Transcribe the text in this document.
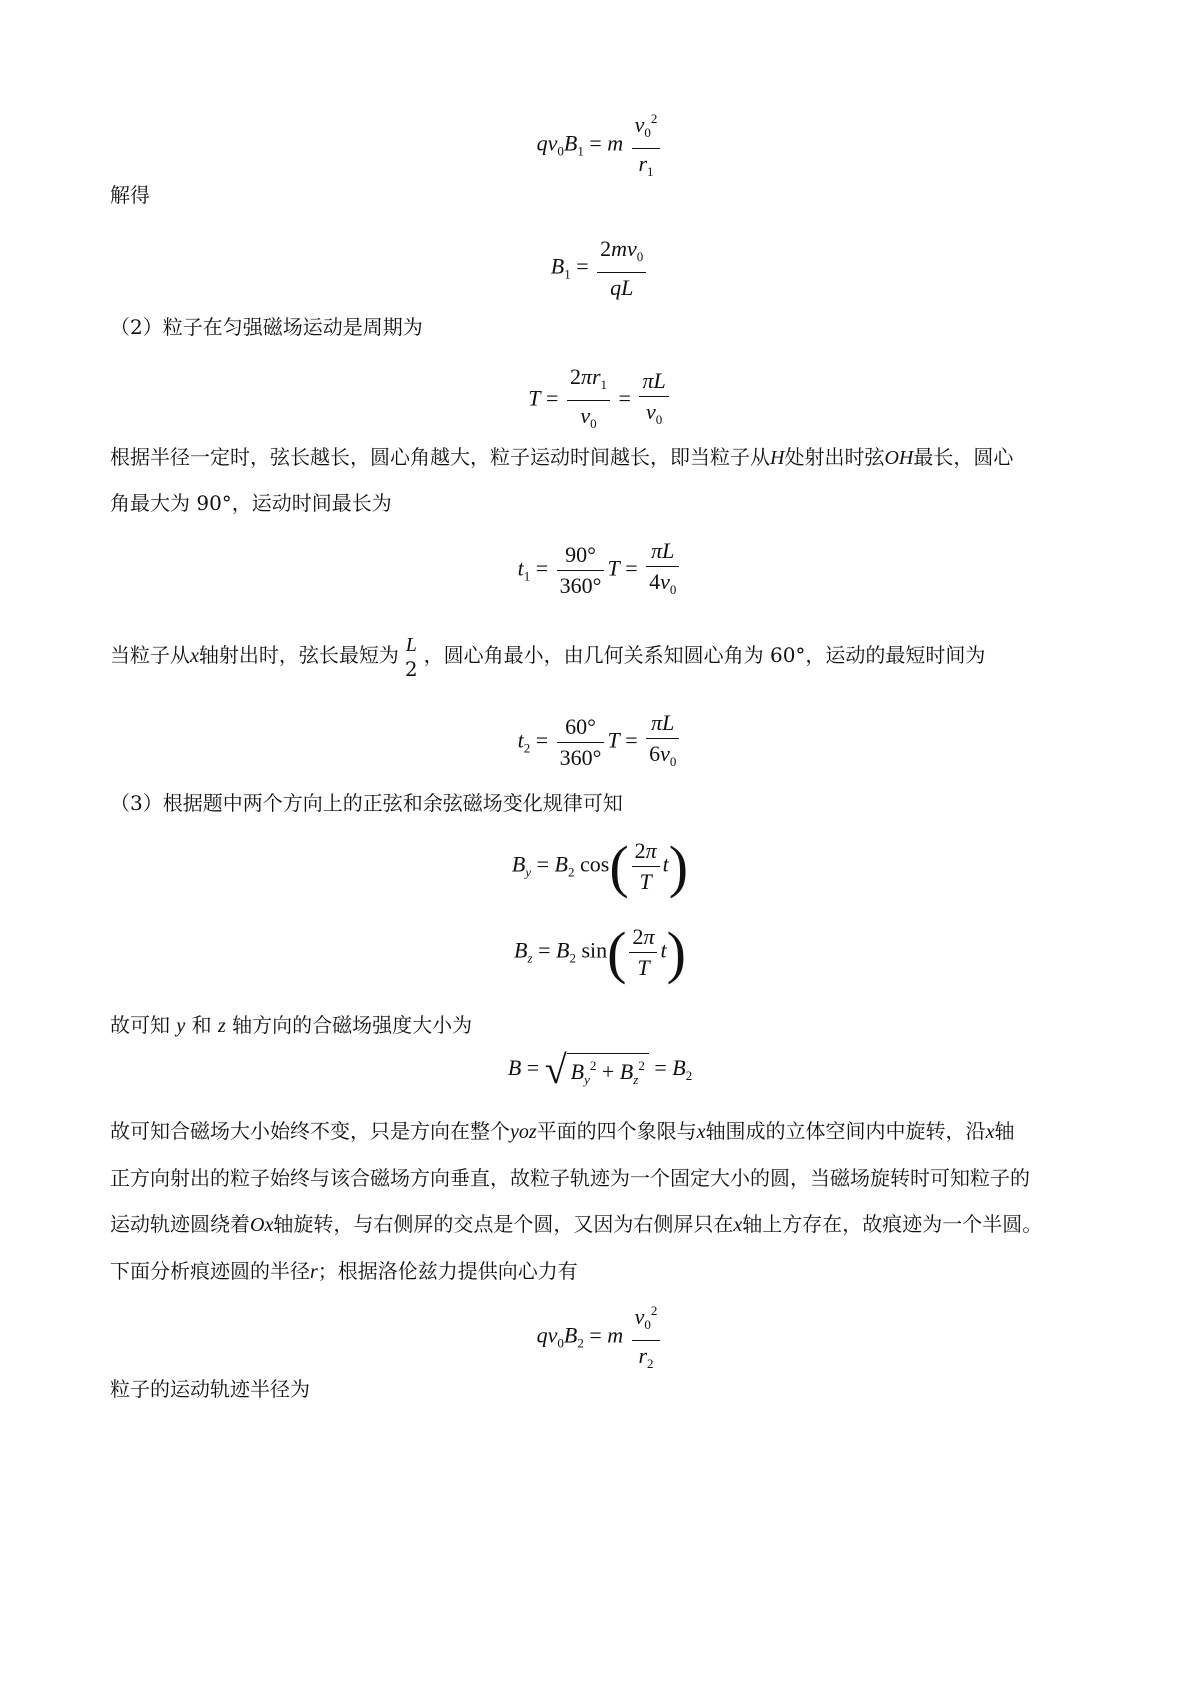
$qv_0B_1 = m \frac{v_0^2}{r_1}$
解得
$B_1 = \frac{2mv_0}{qL}$
（2）粒子在匀强磁场运动是周期为
$T = \frac{2\pi r_1}{v_0} = \frac{\pi L}{v_0}$
根据半径一定时，弦长越长，圆心角越大，粒子运动时间越长，即当粒子从H处射出时弦OH最长，圆心
角最大为 90°，运动时间最长为
$t_1 = \frac{90^\circ}{360^\circ}$ $T = \frac{\pi L}{4v_0}$
当粒子从x轴射出时，弦长最短为 L
2
，圆心角最小，由几何关系知圆心角为 60°，运动的最短时间为
$t_2 = \frac{60^\circ}{360^\circ}$ $T = \frac{\pi L}{6v_0}$
（3）根据题中两个方向上的正弦和余弦磁场变化规律可知
$B_y = B_2$ $\cos( \frac{2\pi}{T} t)$
$B_z = B_2$ $\sin( \frac{2\pi}{T} t)$
故可知 y 和 z 轴方向的合磁场强度大小为
B = √ $B_y^2 + B_z^2 = B_2$
故可知合磁场大小始终不变，只是方向在整个yoz平面的四个象限与x轴围成的立体空间内中旋转，沿x轴
正方向射出的粒子始终与该合磁场方向垂直，故粒子轨迹为一个固定大小的圆，当磁场旋转时可知粒子的
运动轨迹圆绕着Ox轴旋转，与右侧屏的交点是个圆，又因为右侧屏只在x轴上方存在，故痕迹为一个半圆。
下面分析痕迹圆的半径r；根据洛伦兹力提供向心力有
$qv_0B_2 = m \frac{v_0^2}{r_2}$
粒子的运动轨迹半径为
